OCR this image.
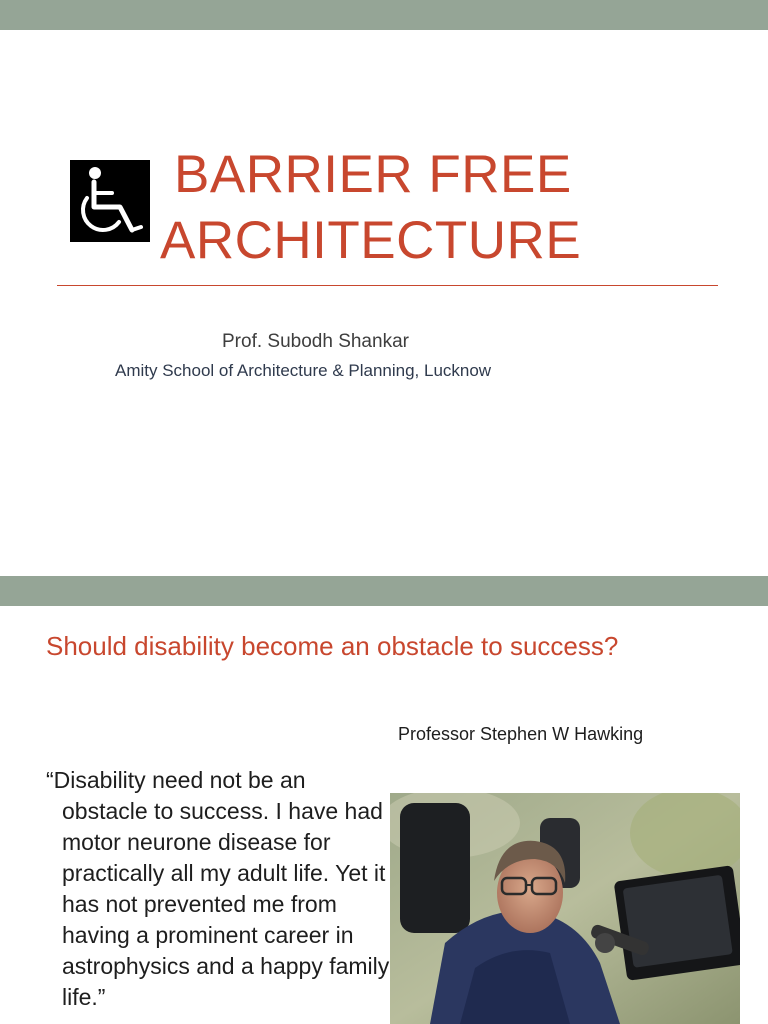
BARRIER FREE
ARCHITECTURE
Prof. Subodh Shankar
Amity School of Architecture & Planning, Lucknow
Should disability become an obstacle to success?
Professor Stephen W Hawking

“Disability need not be an obstacle to success. I have had motor neurone disease for practically all my adult life. Yet it has not prevented me from having a prominent career in astrophysics and a happy family life.”
